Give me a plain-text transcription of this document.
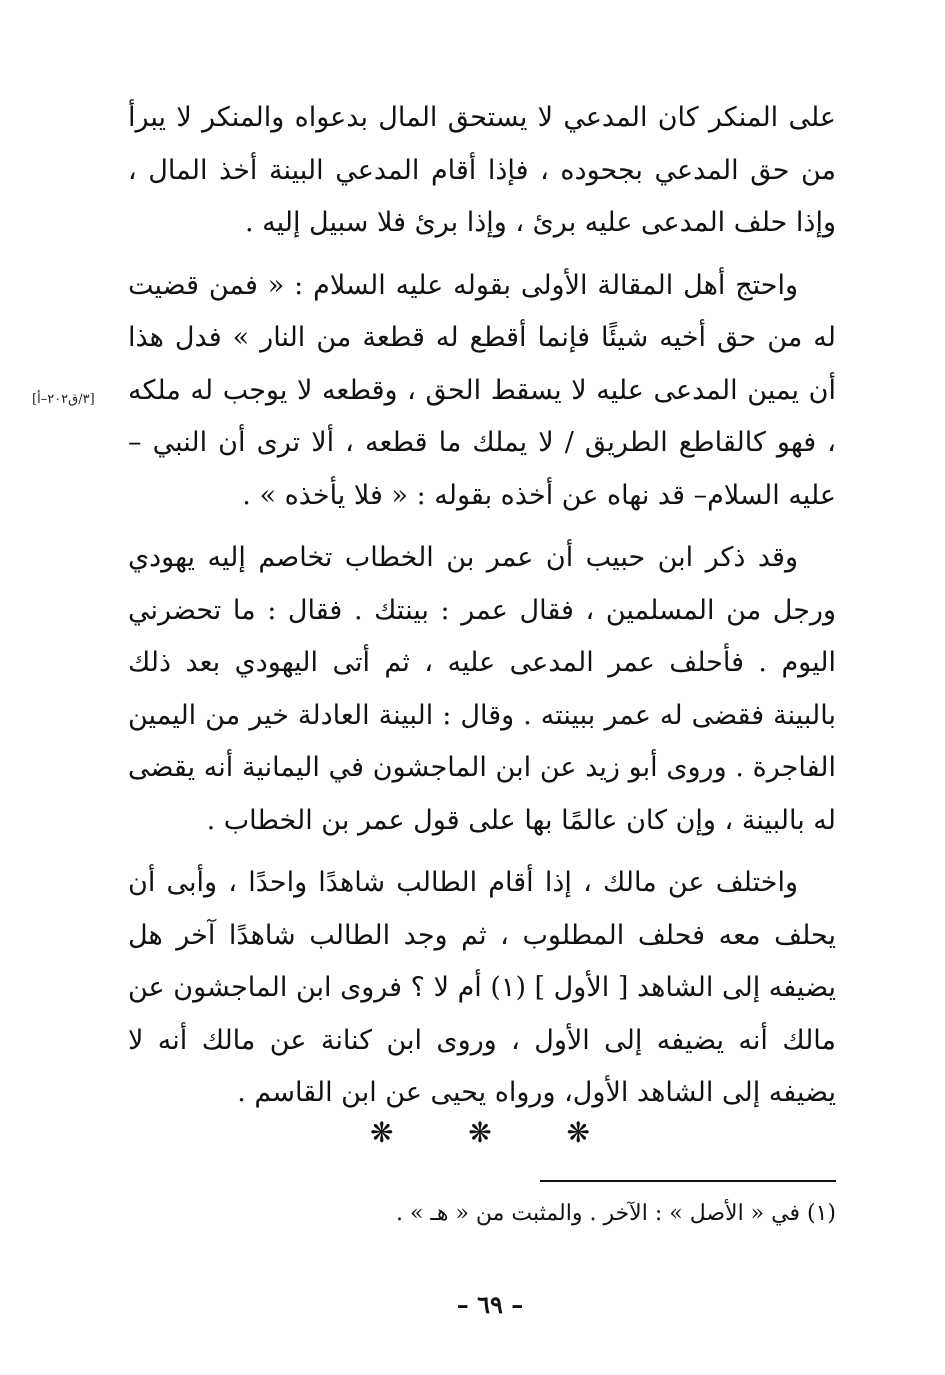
على المنكر كان المدعي لا يستحق المال بدعواه والمنكر لا يبرأ من حق المدعي بجحوده ، فإذا أقام المدعي البينة أخذ المال ، وإذا حلف المدعى عليه برئ ، وإذا برئ فلا سبيل إليه .

واحتج أهل المقالة الأولى بقوله عليه السلام : « فمن قضيت له من حق أخيه شيئًا فإنما أقطع له قطعة من النار » فدل هذا أن يمين المدعى عليه لا يسقط الحق ، وقطعه لا يوجب له ملكه ، فهو كالقاطع الطريق / لا يملك ما قطعه ، ألا ترى أن النبي – عليه السلام– قد نهاه عن أخذه بقوله : « فلا يأخذه » .

وقد ذكر ابن حبيب أن عمر بن الخطاب تخاصم إليه يهودي ورجل من المسلمين ، فقال عمر : بينتك . فقال : ما تحضرني اليوم . فأحلف عمر المدعى عليه ، ثم أتى اليهودي بعد ذلك بالبينة فقضى له عمر ببينته . وقال : البينة العادلة خير من اليمين الفاجرة . وروى أبو زيد عن ابن الماجشون في اليمانية أنه يقضى له بالبينة ، وإن كان عالمًا بها على قول عمر بن الخطاب .

واختلف عن مالك ، إذا أقام الطالب شاهدًا واحدًا ، وأبى أن يحلف معه فحلف المطلوب ، ثم وجد الطالب شاهدًا آخر هل يضيفه إلى الشاهد [ الأول ] (١) أم لا ؟ فروى ابن الماجشون عن مالك أنه يضيفه إلى الأول ، وروى ابن كنانة عن مالك أنه لا يضيفه إلى الشاهد الأول، ورواه يحيى عن ابن القاسم .

[٣/ق٢٠٢–أ]
❋	❋	❋
(١) في « الأصل » : الآخر . والمثبت من « هـ » .
– ٦٩ –
